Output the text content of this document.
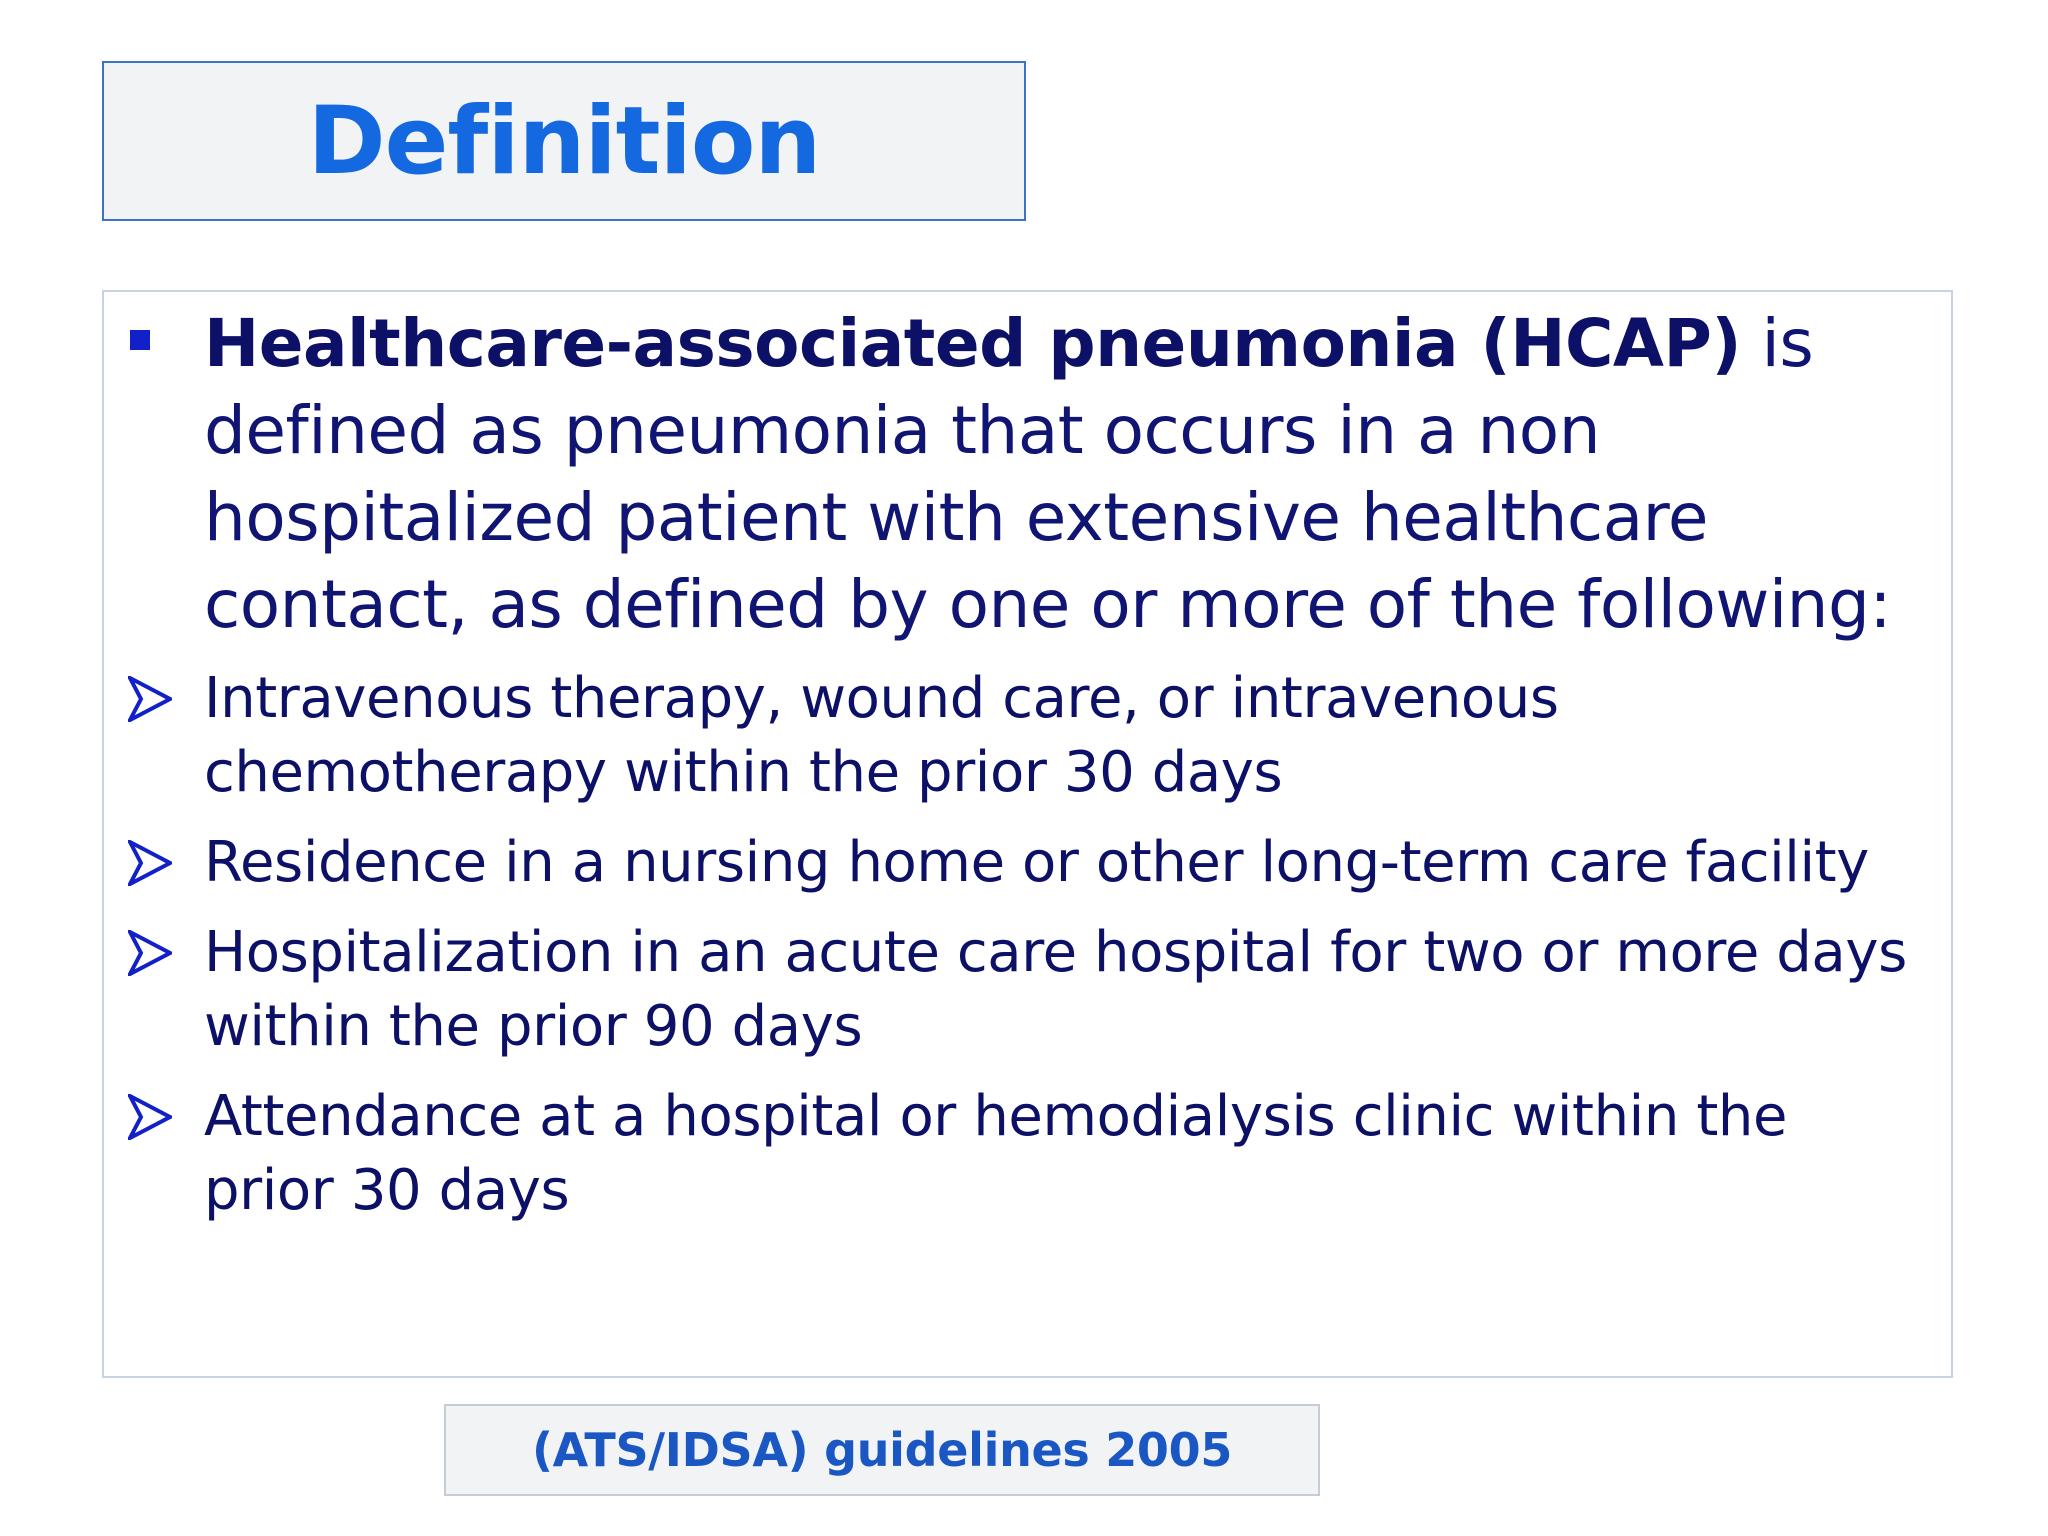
Definition
Healthcare-associated pneumonia (HCAP) is defined as pneumonia that occurs in a non hospitalized patient with extensive healthcare contact, as defined by one or more of the following:
Intravenous therapy, wound care, or intravenous chemotherapy within the prior 30 days
Residence in a nursing home or other long-term care facility
Hospitalization in an acute care hospital for two or more days within the prior 90 days
Attendance at a hospital or hemodialysis clinic within the prior 30 days
(ATS/IDSA) guidelines 2005
